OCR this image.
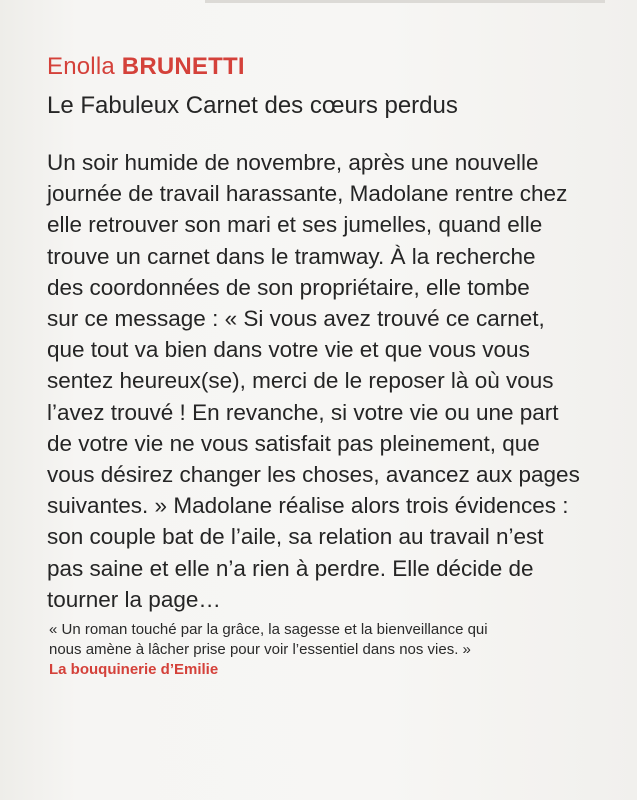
Enolla BRUNETTI
Le Fabuleux Carnet des cœurs perdus
Un soir humide de novembre, après une nouvelle
journée de travail harassante, Madolane rentre chez
elle retrouver son mari et ses jumelles, quand elle
trouve un carnet dans le tramway. À la recherche
des coordonnées de son propriétaire, elle tombe
sur ce message : « Si vous avez trouvé ce carnet,
que tout va bien dans votre vie et que vous vous
sentez heureux(se), merci de le reposer là où vous
l’avez trouvé ! En revanche, si votre vie ou une part
de votre vie ne vous satisfait pas pleinement, que
vous désirez changer les choses, avancez aux pages
suivantes. » Madolane réalise alors trois évidences :
son couple bat de l’aile, sa relation au travail n’est
pas saine et elle n’a rien à perdre. Elle décide de
tourner la page…
« Un roman touché par la grâce, la sagesse et la bienveillance qui
nous amène à lâcher prise pour voir l’essentiel dans nos vies. »
La bouquinerie d’Emilie
